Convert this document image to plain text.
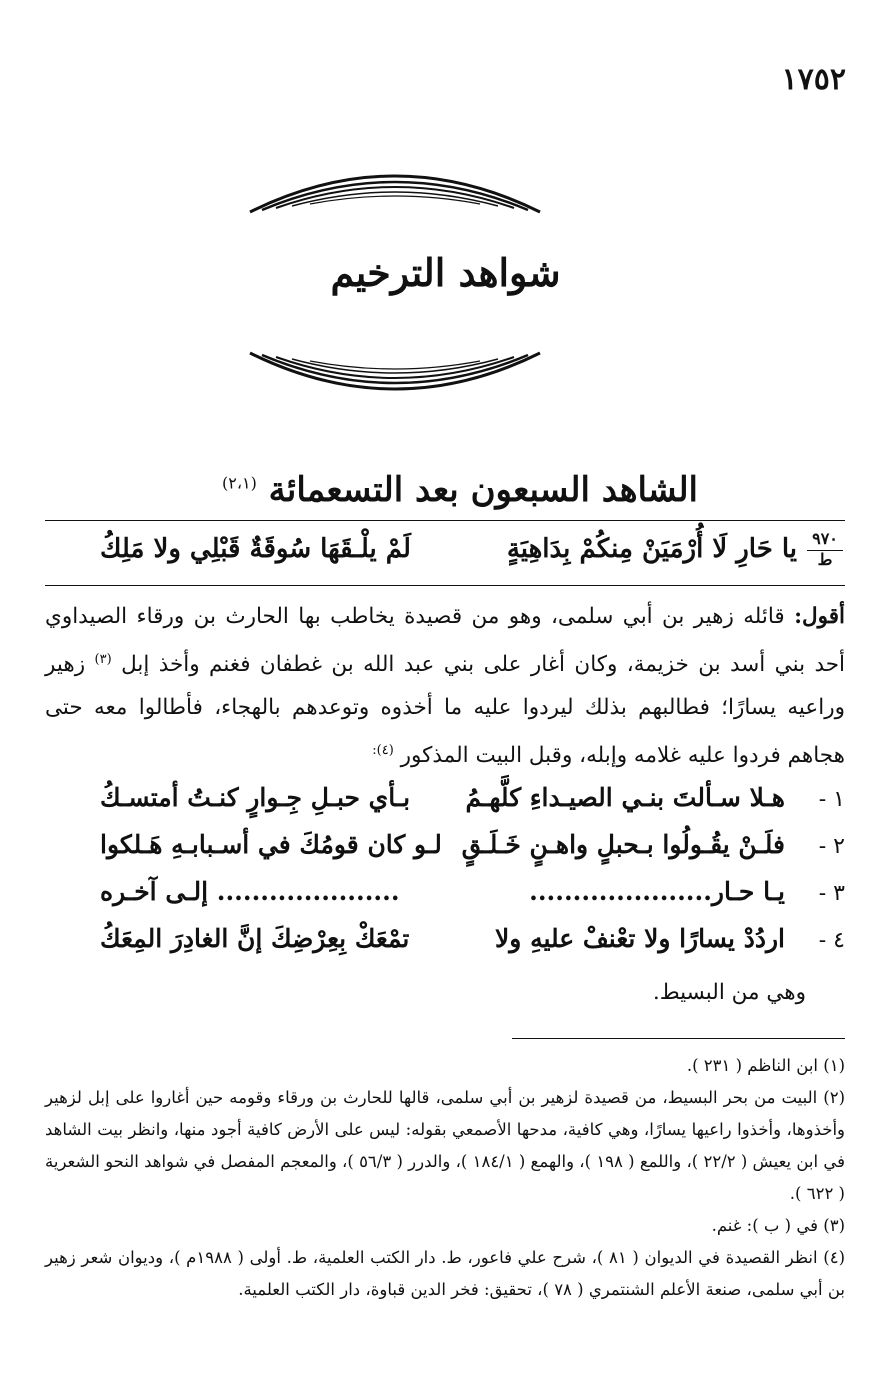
١٧٥٢
شواهد الترخيم
الشاهد السبعون بعد التسعمائة $^{(٢،١)}$
٩٧٠
ط
يا حَارِ لَا أُرْمَيَنْ مِنكُمْ بِدَاهِيَةٍ
لَمْ يلْـقَهَا سُوقَةٌ قَبْلِي ولا مَلِكُ
أقول: قائله زهير بن أبي سلمى، وهو من قصيدة يخاطب بها الحارث بن ورقاء الصيداوي أحد بني أسد بن خزيمة، وكان أغار على بني عبد الله بن غطفان فغنم وأخذ إبل $^{(٣)}$ زهير وراعيه يسارًا؛ فطالبهم بذلك ليردوا عليه ما أخذوه وتوعدهم بالهجاء، فأطالوا معه حتى هجاهم فردوا عليه غلامه وإبله، وقبل البيت المذكور $^{(٤):}$
١ -
هـلا سـألتَ بنـي الصيـداءِ كلَّهـمُ
بـأي حبـلِ جِـوارٍ كنـتُ أمتسـكُ
٢ -
فلَـنْ يقُـولُوا بـحبلٍ واهـنٍ خَـلَـقٍ
لـو كان قومُكَ في أسـبابـهِ هَـلكوا
٣ -
يـا حـار.....................
..................... إلـى آخـره
٤ -
اردُدْ يسارًا ولا تعْنفْ عليهِ ولا
تمْعَكْ بِعِرْضِكَ إنَّ الغادِرَ المِعَكُ
وهي من البسيط.

(١) ابن الناظم ( ٢٣١ ).

(٢) البيت من بحر البسيط، من قصيدة لزهير بن أبي سلمى، قالها للحارث بن ورقاء وقومه حين أغاروا على إبل لزهير وأخذوها، وأخذوا راعيها يسارًا، وهي كافية، مدحها الأصمعي بقوله: ليس على الأرض كافية أجود منها، وانظر بيت الشاهد في ابن يعيش ( ٢٢/٢ )، واللمع ( ١٩٨ )، والهمع ( ١٨٤/١ )، والدرر ( ٥٦/٣ )، والمعجم المفصل في شواهد النحو الشعرية ( ٦٢٢ ).

(٣) في ( ب ): غنم.

(٤) انظر القصيدة في الديوان ( ٨١ )، شرح علي فاعور، ط. دار الكتب العلمية، ط. أولى ( ١٩٨٨م )، وديوان شعر زهير بن أبي سلمى، صنعة الأعلم الشنتمري ( ٧٨ )، تحقيق: فخر الدين قباوة، دار الكتب العلمية.
